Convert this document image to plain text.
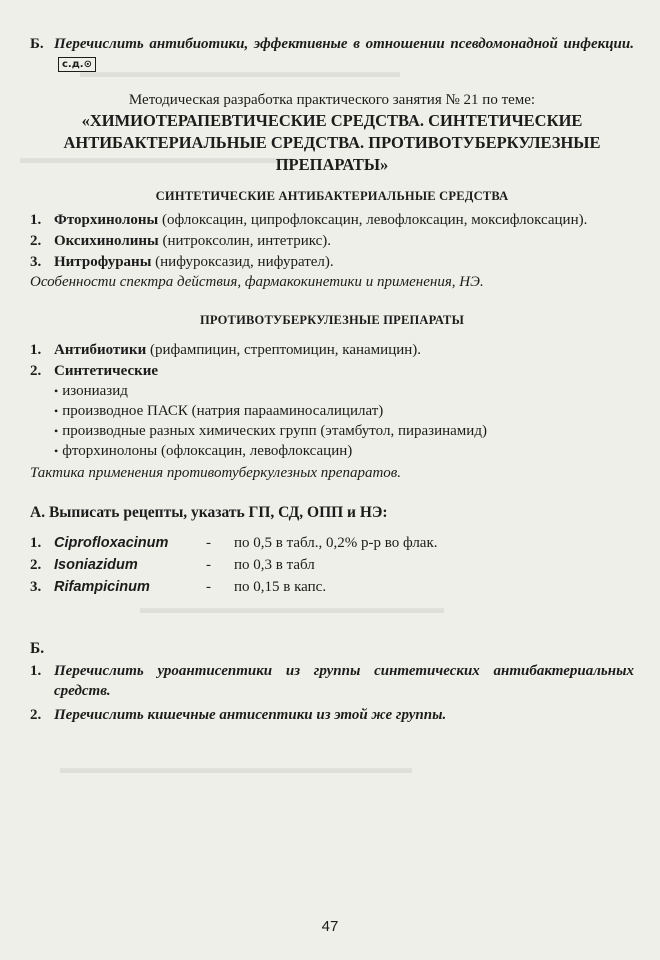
▬▬▬▬▬▬▬▬▬▬▬▬▬▬▬▬▬▬▬▬
▬▬▬▬▬▬▬▬▬▬▬▬▬▬▬▬▬
▬▬▬▬▬▬▬▬▬▬▬▬▬▬▬▬▬▬▬
▬▬▬▬▬▬▬▬▬▬▬▬▬▬▬▬▬▬▬▬▬▬
Б. Перечислить антибиотики, эффективные в отношении псевдомонадной инфекции.с.д.⊙
Методическая разработка практического занятия № 21 по теме:
«ХИМИОТЕРАПЕВТИЧЕСКИЕ СРЕДСТВА. СИНТЕТИЧЕСКИЕ АНТИБАКТЕРИАЛЬНЫЕ СРЕДСТВА. ПРОТИВОТУБЕРКУЛЕЗНЫЕ ПРЕПАРАТЫ»
СИНТЕТИЧЕСКИЕ АНТИБАКТЕРИАЛЬНЫЕ СРЕДСТВА
1. Фторхинолоны (офлоксацин, ципрофлоксацин, левофлоксацин, моксифлоксацин).
2. Оксихинолины (нитроксолин, интетрикс).
3. Нитрофураны (нифуроксазид, нифурател).
Особенности спектра действия, фармакокинетики и применения, НЭ.
ПРОТИВОТУБЕРКУЛЕЗНЫЕ ПРЕПАРАТЫ
1. Антибиотики (рифампицин, стрептомицин, канамицин).
2. Синтетические
• изониазид
• производное ПАСК (натрия парааминосалицилат)
• производные разных химических групп (этамбутол, пиразинамид)
• фторхинолоны (офлоксацин, левофлоксацин)
Тактика применения противотуберкулезных препаратов.
А. Выписать рецепты, указать ГП, СД, ОПП и НЭ:
1. Ciprofloxacinum	-	по 0,5 в табл., 0,2% р-р во флак.
2. Isoniazidum	-	по 0,3 в табл
3. Rifampicinum	-	по 0,15 в капс.
Б.
1. Перечислить уроантисептики из группы синтетических антибактериальных средств.
2. Перечислить кишечные антисептики из этой же группы.
47
